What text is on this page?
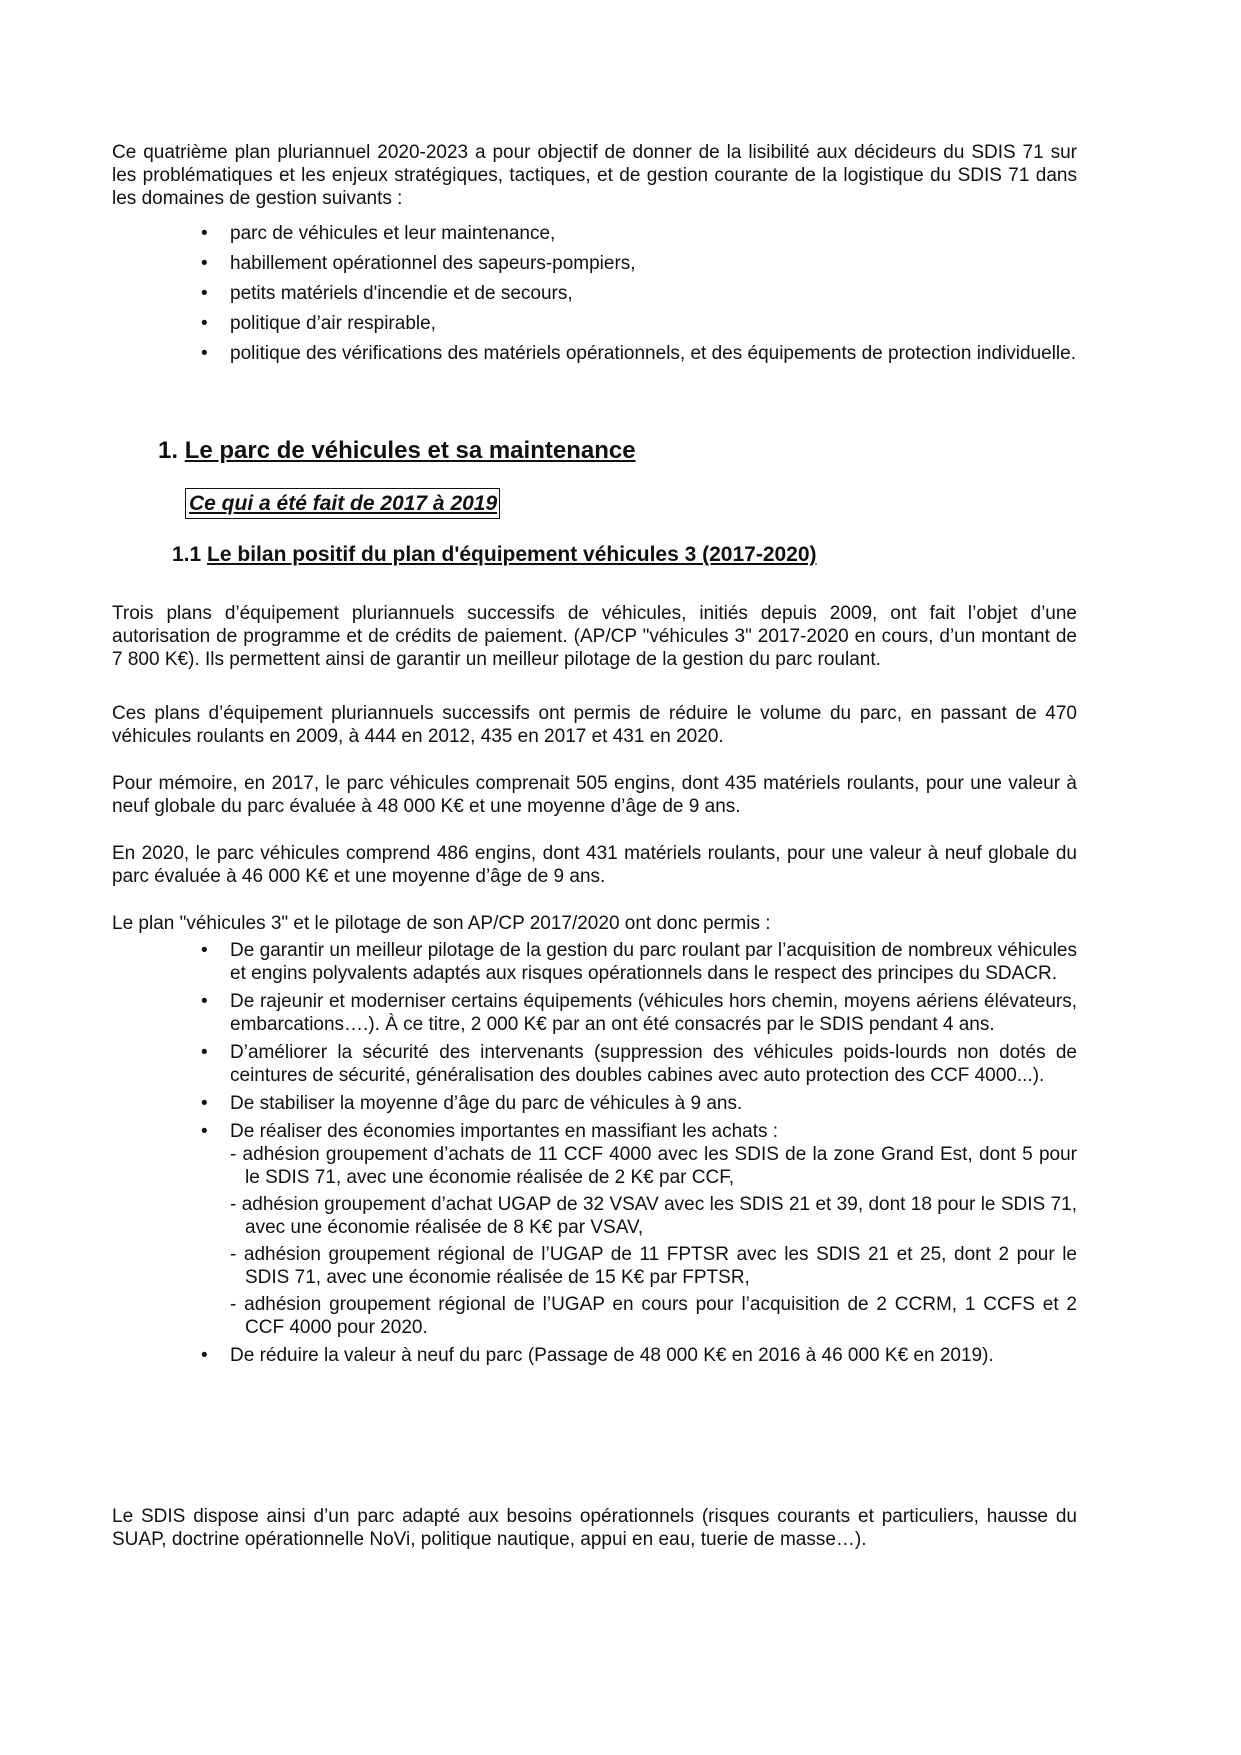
Ce quatrième plan pluriannuel 2020-2023 a pour objectif de donner de la lisibilité aux décideurs du SDIS 71 sur les problématiques et les enjeux stratégiques, tactiques, et de gestion courante de la logistique du SDIS 71 dans les domaines de gestion suivants :

• parc de véhicules et leur maintenance,
• habillement opérationnel des sapeurs-pompiers,
• petits matériels d'incendie et de secours,
• politique d’air respirable,
• politique des vérifications des matériels opérationnels, et des équipements de protection individuelle.
1. Le parc de véhicules et sa maintenance
Ce qui a été fait de 2017 à 2019
1.1 Le bilan positif du plan d'équipement véhicules 3 (2017-2020)

Trois plans d’équipement pluriannuels successifs de véhicules, initiés depuis 2009, ont fait l’objet d’une autorisation de programme et de crédits de paiement. (AP/CP "véhicules 3" 2017-2020 en cours, d’un montant de 7 800 K€). Ils permettent ainsi de garantir un meilleur pilotage de la gestion du parc roulant.

Ces plans d’équipement pluriannuels successifs ont permis de réduire le volume du parc, en passant de 470 véhicules roulants en 2009, à 444 en 2012, 435 en 2017 et 431 en 2020.

Pour mémoire, en 2017, le parc véhicules comprenait 505 engins, dont 435 matériels roulants, pour une valeur à neuf globale du parc évaluée à 48 000 K€ et une moyenne d’âge de 9 ans.

En 2020, le parc véhicules comprend 486 engins, dont 431 matériels roulants, pour une valeur à neuf globale du parc évaluée à 46 000 K€ et une moyenne d’âge de 9 ans.

Le plan "véhicules 3" et le pilotage de son AP/CP 2017/2020 ont donc permis :

• De garantir un meilleur pilotage de la gestion du parc roulant par l’acquisition de nombreux véhicules et engins polyvalents adaptés aux risques opérationnels dans le respect des principes du SDACR.
• De rajeunir et moderniser certains équipements (véhicules hors chemin, moyens aériens élévateurs, embarcations….). À ce titre, 2 000 K€ par an ont été consacrés par le SDIS pendant 4 ans.
• D’améliorer la sécurité des intervenants (suppression des véhicules poids-lourds non dotés de ceintures de sécurité, généralisation des doubles cabines avec auto protection des CCF 4000...).
• De stabiliser la moyenne d’âge du parc de véhicules à 9 ans.
• De réaliser des économies importantes en massifiant les achats :
- adhésion groupement d’achats de 11 CCF 4000 avec les SDIS de la zone Grand Est, dont 5 pour le SDIS 71, avec une économie réalisée de 2 K€ par CCF,
- adhésion groupement d’achat UGAP de 32 VSAV avec les SDIS 21 et 39, dont 18 pour le SDIS 71, avec une économie réalisée de 8 K€ par VSAV,
- adhésion groupement régional de l’UGAP de 11 FPTSR avec les SDIS 21 et 25, dont 2 pour le SDIS 71, avec une économie réalisée de 15 K€ par FPTSR,
- adhésion groupement régional de l’UGAP en cours pour l’acquisition de 2 CCRM, 1 CCFS et 2 CCF 4000 pour 2020.
• De réduire la valeur à neuf du parc (Passage de 48 000 K€ en 2016 à 46 000 K€ en 2019).

Le SDIS dispose ainsi d’un parc adapté aux besoins opérationnels (risques courants et particuliers, hausse du SUAP, doctrine opérationnelle NoVi, politique nautique, appui en eau, tuerie de masse…).
